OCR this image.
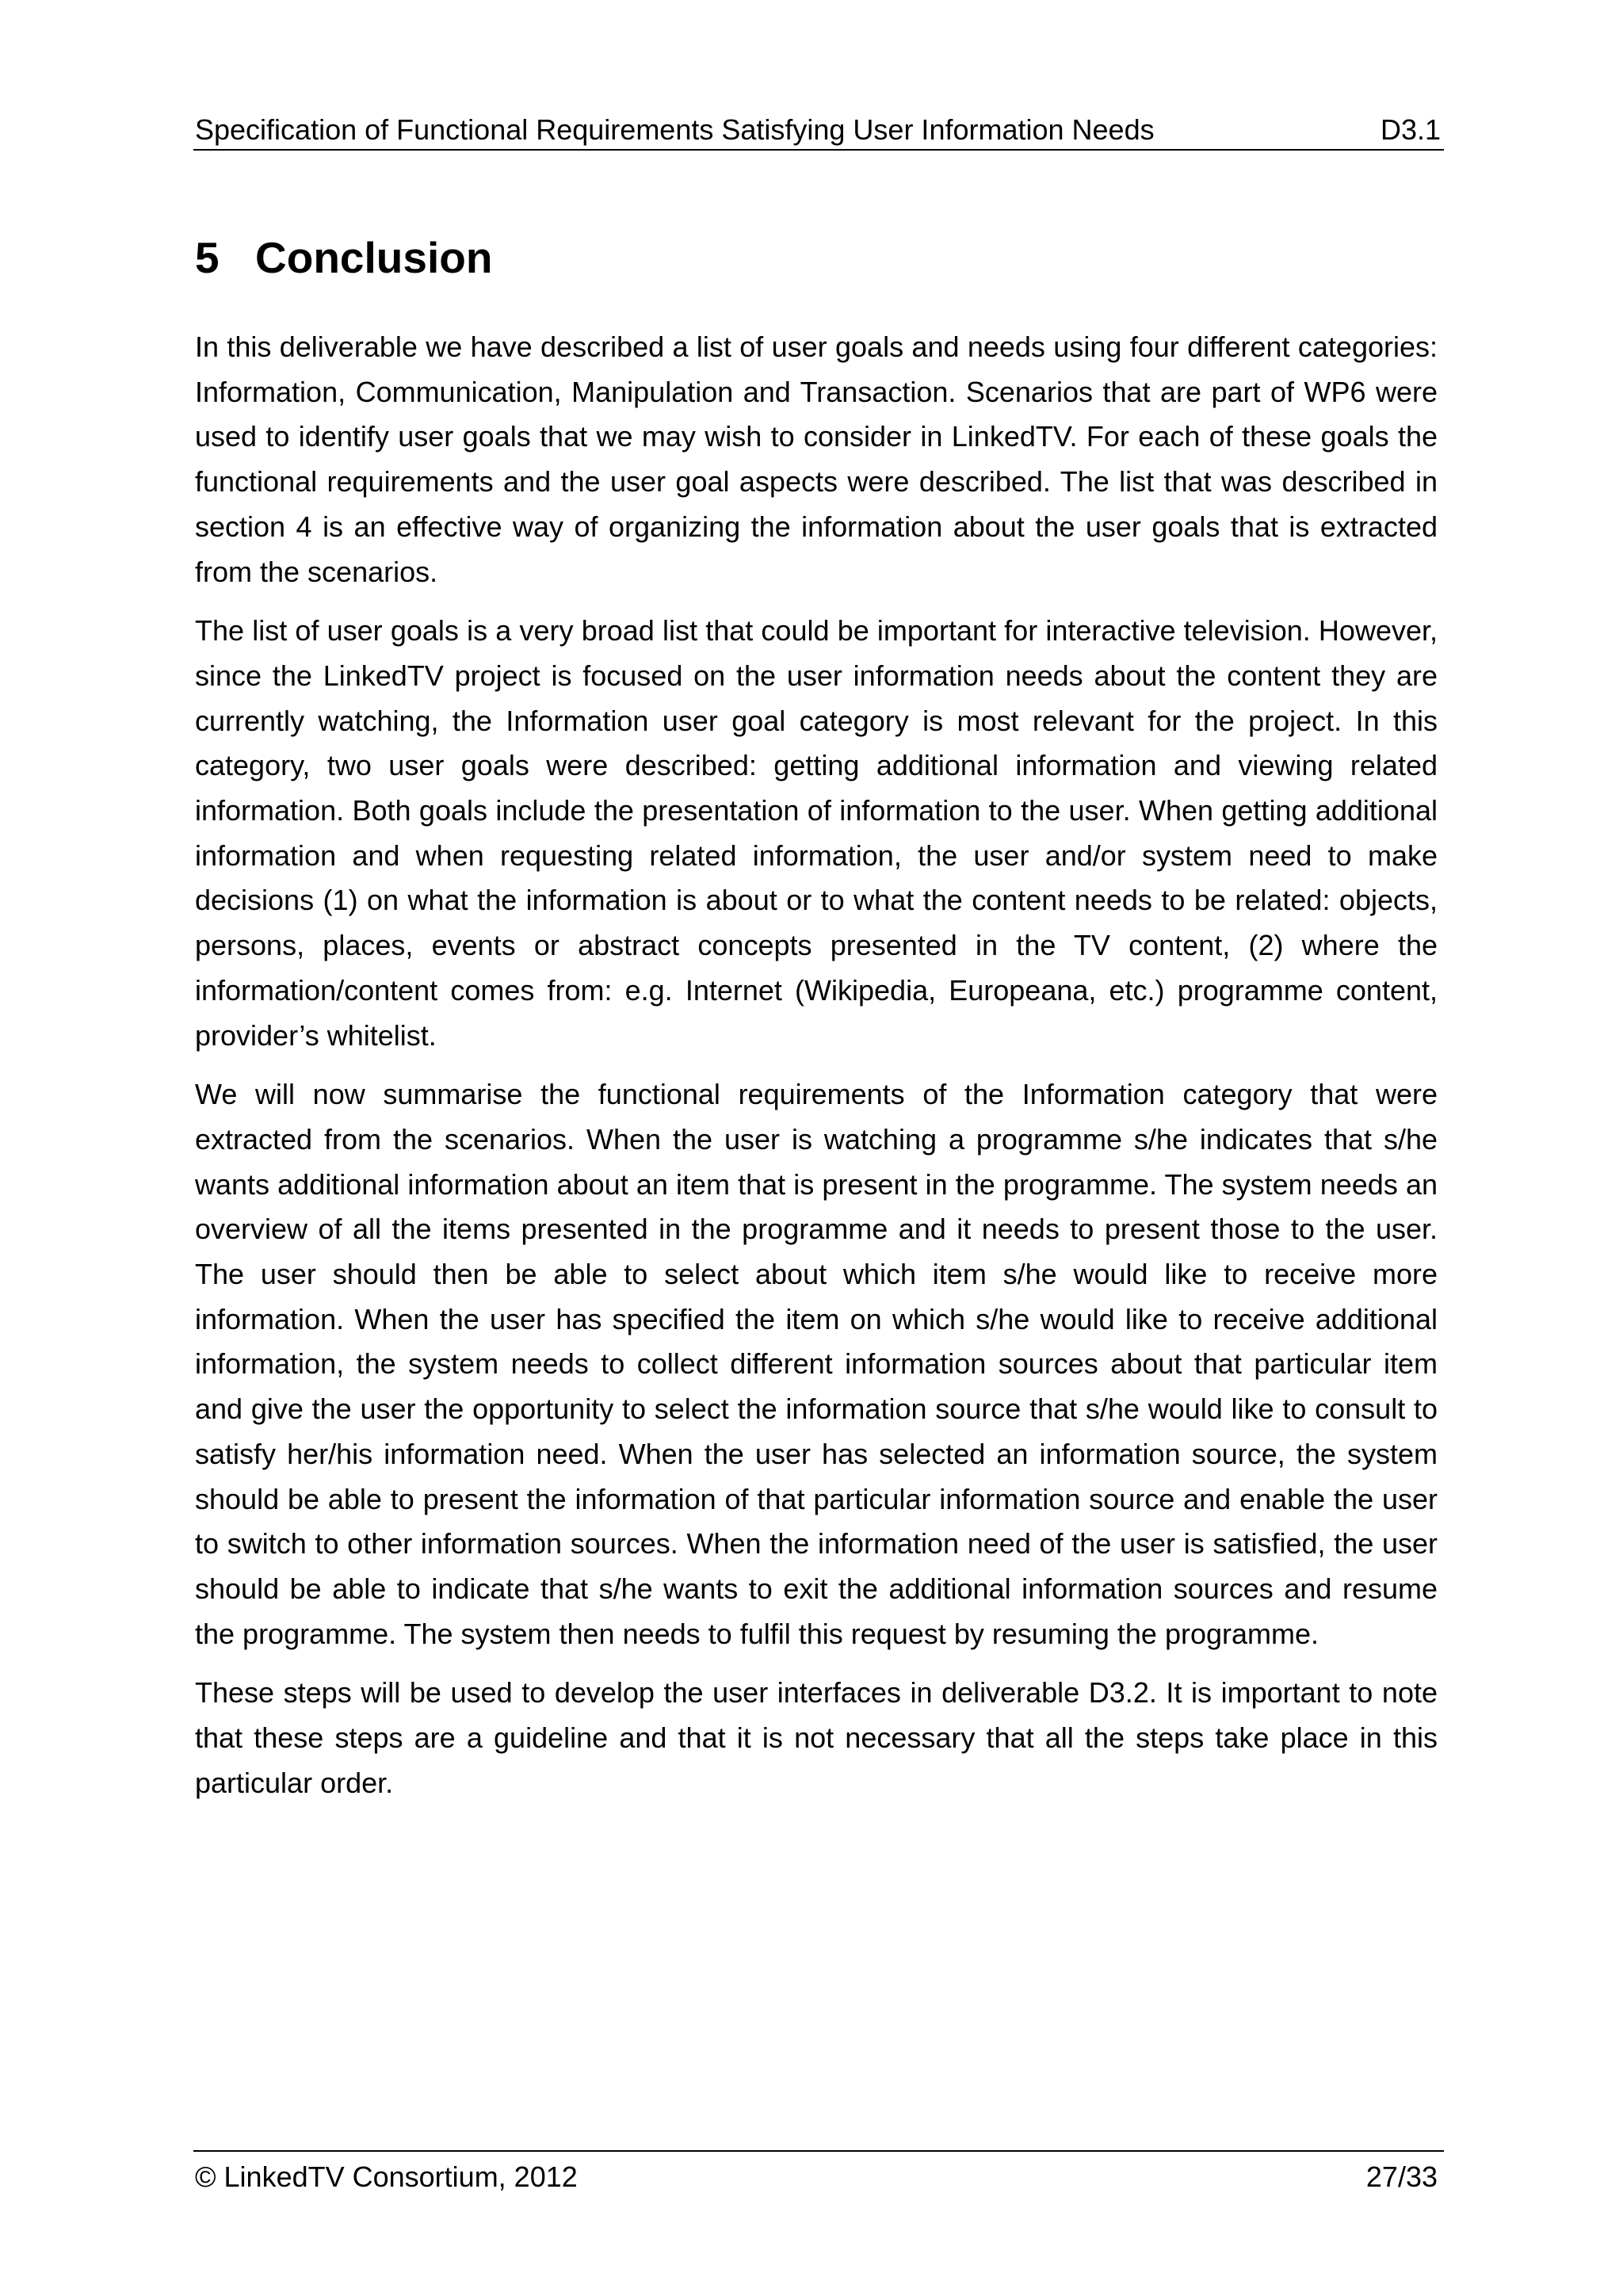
Specification of Functional Requirements Satisfying User Information Needs	D3.1
5 Conclusion

In this deliverable we have described a list of user goals and needs using four different categories: Information, Communication, Manipulation and Transaction. Scenarios that are part of WP6 were used to identify user goals that we may wish to consider in LinkedTV. For each of these goals the functional requirements and the user goal aspects were described. The list that was described in section 4 is an effective way of organizing the information about the user goals that is extracted from the scenarios.

The list of user goals is a very broad list that could be important for interactive television. However, since the LinkedTV project is focused on the user information needs about the content they are currently watching, the Information user goal category is most relevant for the project. In this category, two user goals were described: getting additional information and viewing related information. Both goals include the presentation of information to the user. When getting additional information and when requesting related information, the user and/or system need to make decisions (1) on what the information is about or to what the content needs to be related: objects, persons, places, events or abstract concepts presented in the TV content, (2) where the information/content comes from: e.g. Internet (Wikipedia, Europeana, etc.) programme content, provider’s whitelist.

We will now summarise the functional requirements of the Information category that were extracted from the scenarios. When the user is watching a programme s/he indicates that s/he wants additional information about an item that is present in the programme. The system needs an overview of all the items presented in the programme and it needs to present those to the user. The user should then be able to select about which item s/he would like to receive more information. When the user has specified the item on which s/he would like to receive additional information, the system needs to collect different information sources about that particular item and give the user the opportunity to select the information source that s/he would like to consult to satisfy her/his information need. When the user has selected an information source, the system should be able to present the information of that particular information source and enable the user to switch to other information sources. When the information need of the user is satisfied, the user should be able to indicate that s/he wants to exit the additional information sources and resume the programme. The system then needs to fulfil this request by resuming the programme.

These steps will be used to develop the user interfaces in deliverable D3.2. It is important to note that these steps are a guideline and that it is not necessary that all the steps take place in this particular order.

© LinkedTV Consortium, 2012	27/33
